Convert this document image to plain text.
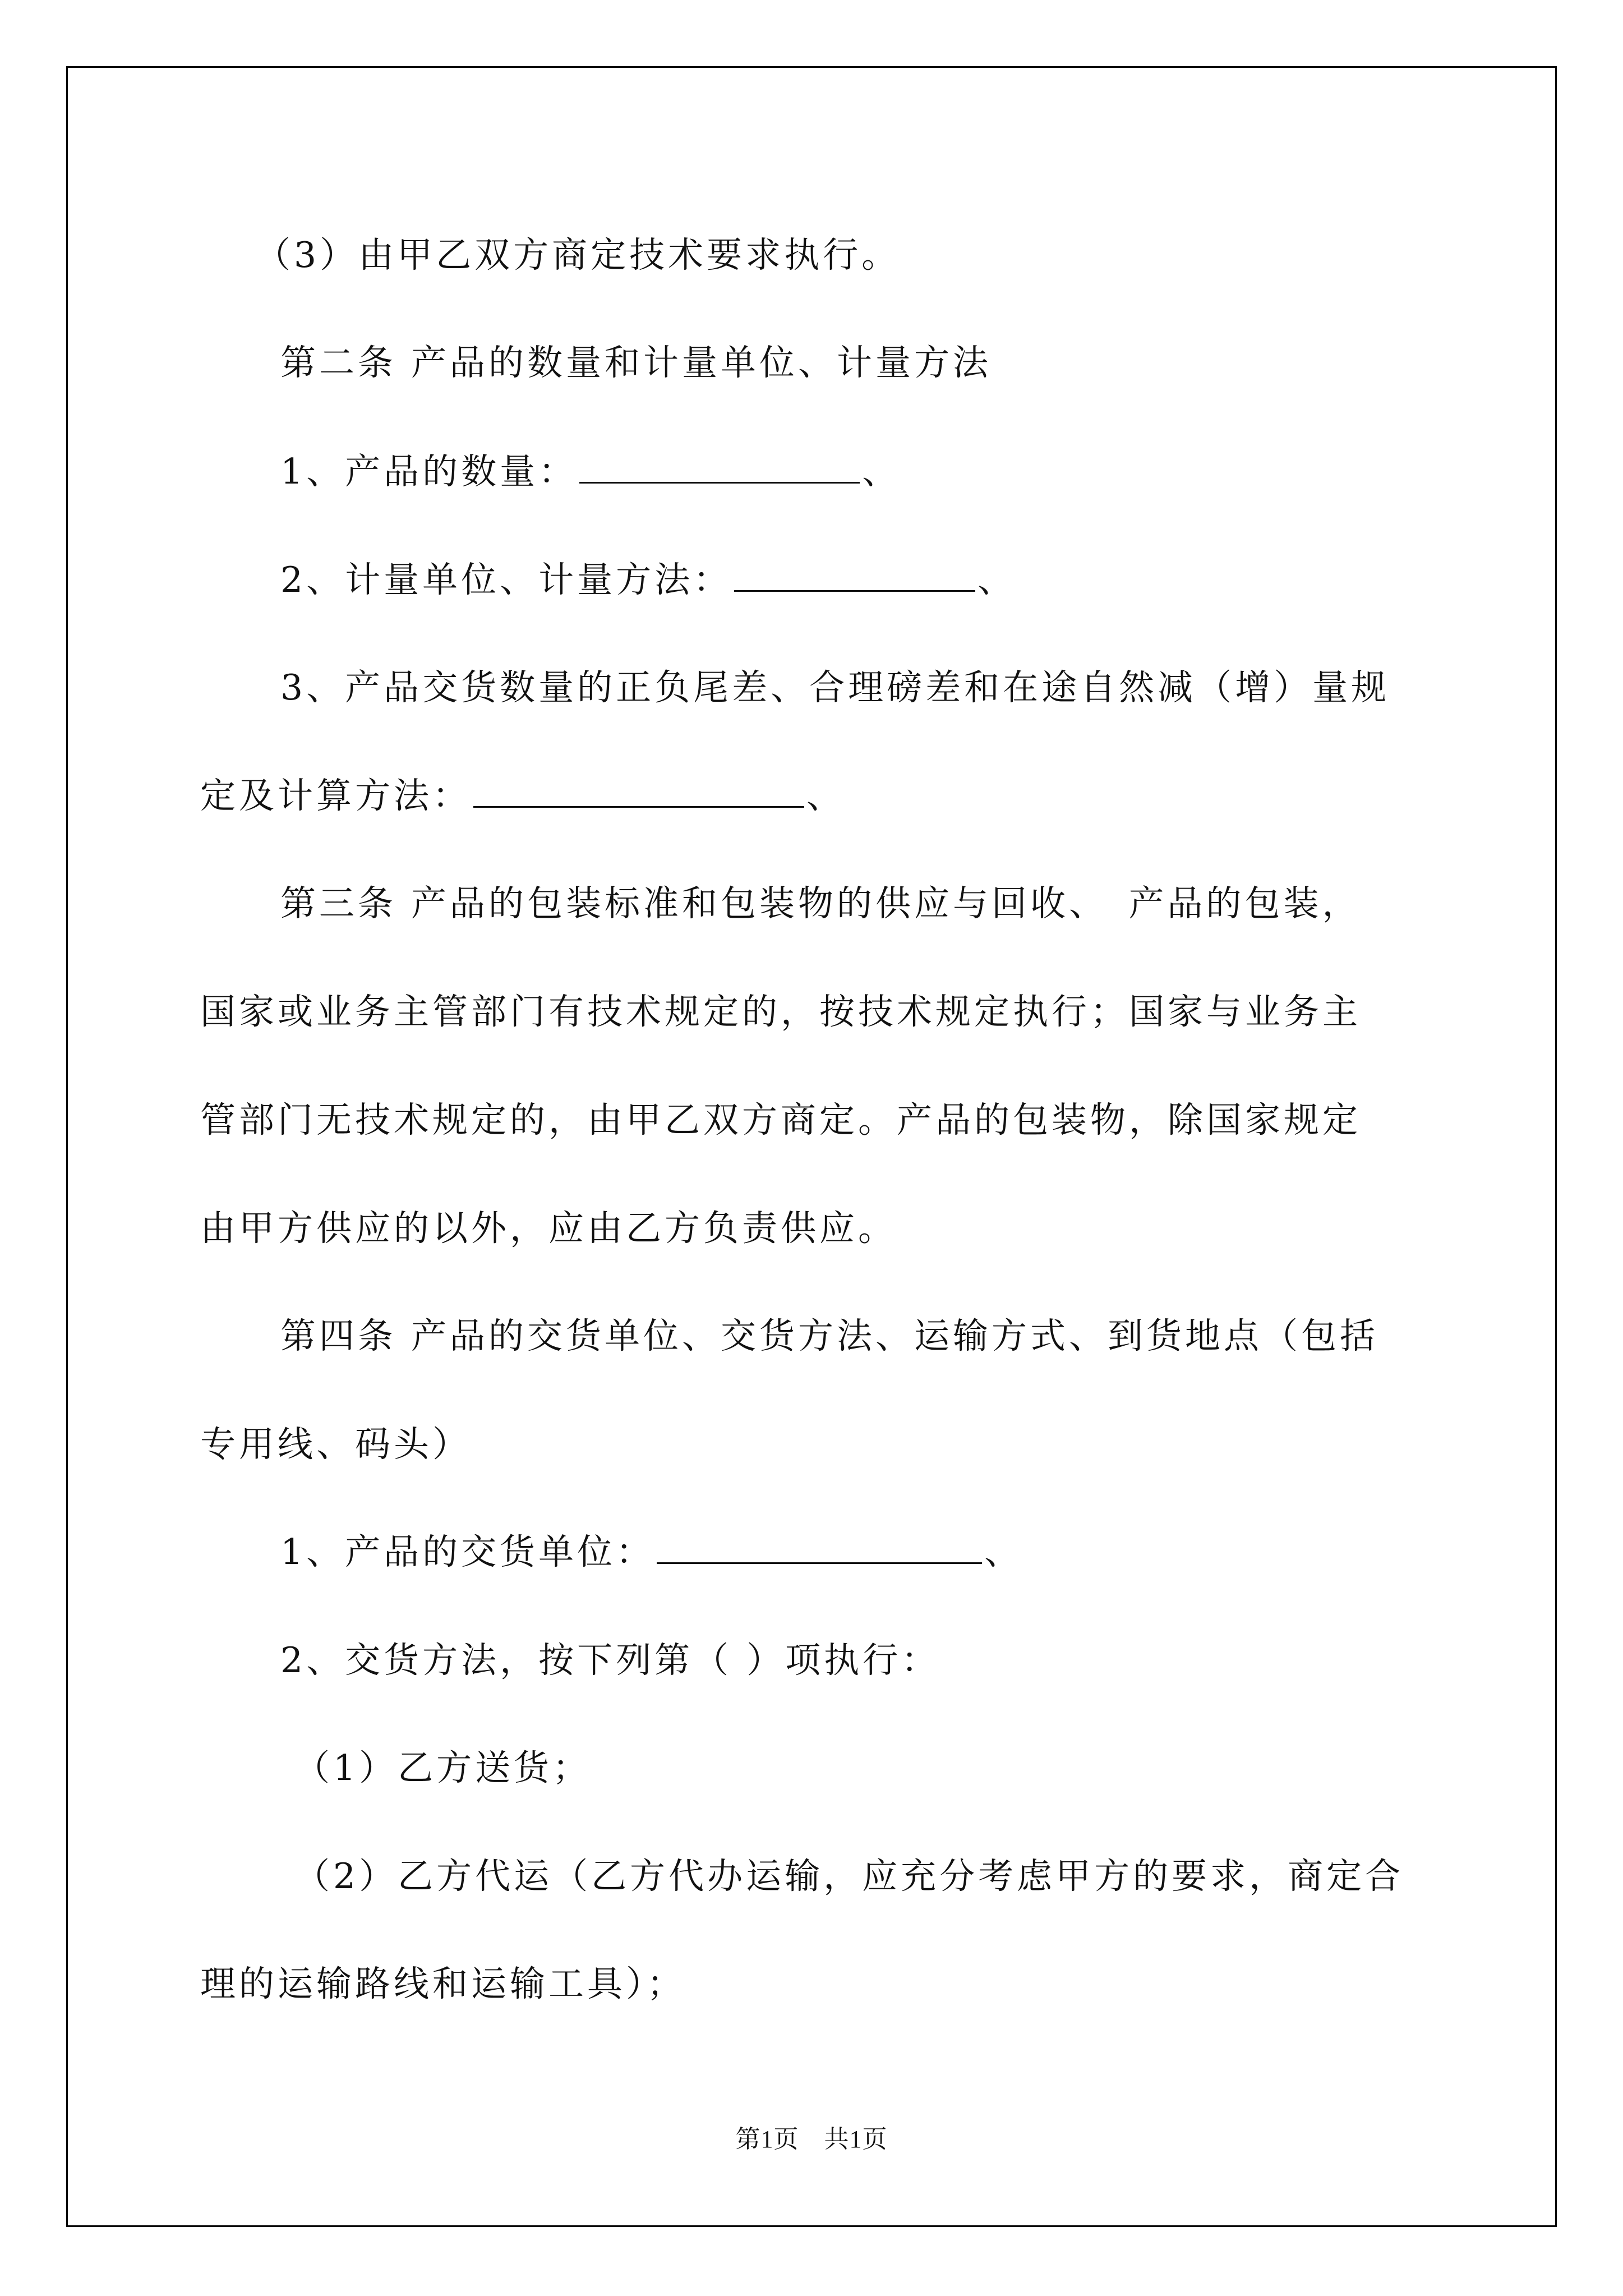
（3）由甲乙双方商定技术要求执行。
第二条 产品的数量和计量单位、计量方法
1、产品的数量：	、
2、计量单位、计量方法：	、
3、产品交货数量的正负尾差、合理磅差和在途自然减（增）量规
定及计算方法：	、
第三条 产品的包装标准和包装物的供应与回收、　产品的包装，
国家或业务主管部门有技术规定的，按技术规定执行；国家与业务主
管部门无技术规定的，由甲乙双方商定。产品的包装物，除国家规定
由甲方供应的以外，应由乙方负责供应。
第四条 产品的交货单位、交货方法、运输方式、到货地点（包括
专用线、码头）
1、产品的交货单位：	、
2、交货方法，按下列第（ ）项执行：
（1）乙方送货；
（2）乙方代运（乙方代办运输，应充分考虑甲方的要求，商定合
理的运输路线和运输工具）；
第1页　共1页
